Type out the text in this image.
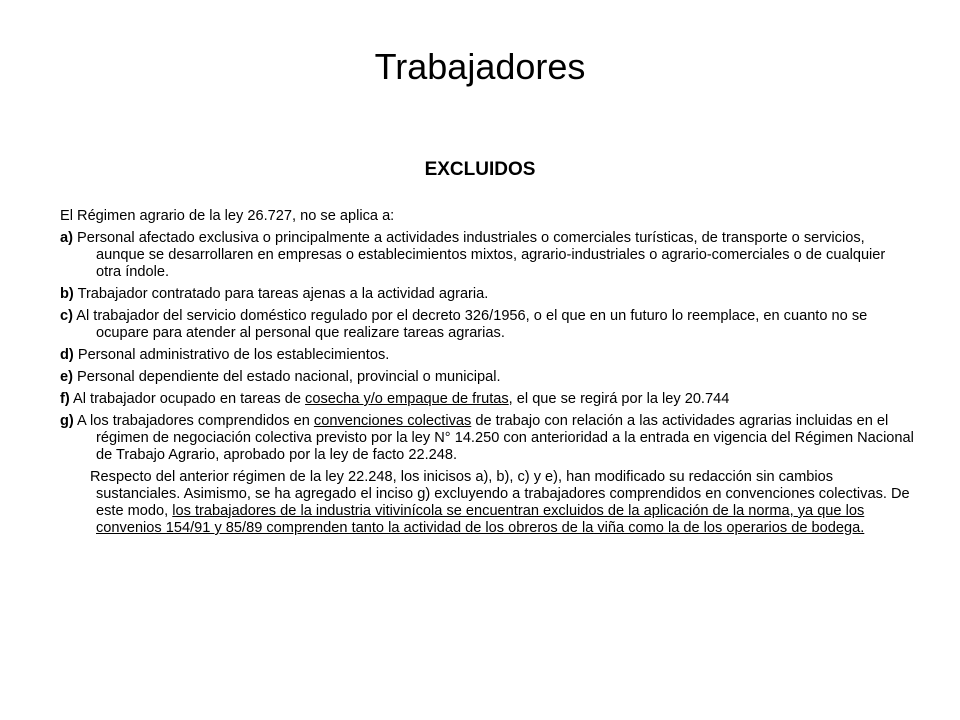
Trabajadores
EXCLUIDOS

El Régimen agrario de la ley 26.727, no se aplica a:

a) Personal afectado exclusiva o principalmente a actividades industriales o comerciales turísticas, de transporte o servicios, aunque se desarrollaren en empresas o establecimientos mixtos, agrario-industriales o agrario-comerciales o de cualquier otra índole.

b) Trabajador contratado para tareas ajenas a la actividad agraria.

c) Al trabajador del servicio doméstico regulado por el decreto 326/1956, o el que en un futuro lo reemplace, en cuanto no se ocupare para atender al personal que realizare tareas agrarias.

d) Personal administrativo de los establecimientos.

e) Personal dependiente del estado nacional, provincial o municipal.

f) Al trabajador ocupado en tareas de cosecha y/o empaque de frutas, el que se regirá por la ley 20.744

g) A los trabajadores comprendidos en convenciones colectivas de trabajo con relación a las actividades agrarias incluidas en el régimen de negociación colectiva previsto por la ley N° 14.250 con anterioridad a la entrada en vigencia del Régimen Nacional de Trabajo Agrario, aprobado por la ley de facto 22.248.

Respecto del anterior régimen de la ley 22.248, los inicisos a), b), c) y e), han modificado su redacción sin cambios sustanciales. Asimismo, se ha agregado el inciso g) excluyendo a trabajadores comprendidos en convenciones colectivas. De este modo, los trabajadores de la industria vitivinícola se encuentran excluidos de la aplicación de la norma, ya que los convenios 154/91 y 85/89 comprenden tanto la actividad de los obreros de la viña como la de los operarios de bodega.
